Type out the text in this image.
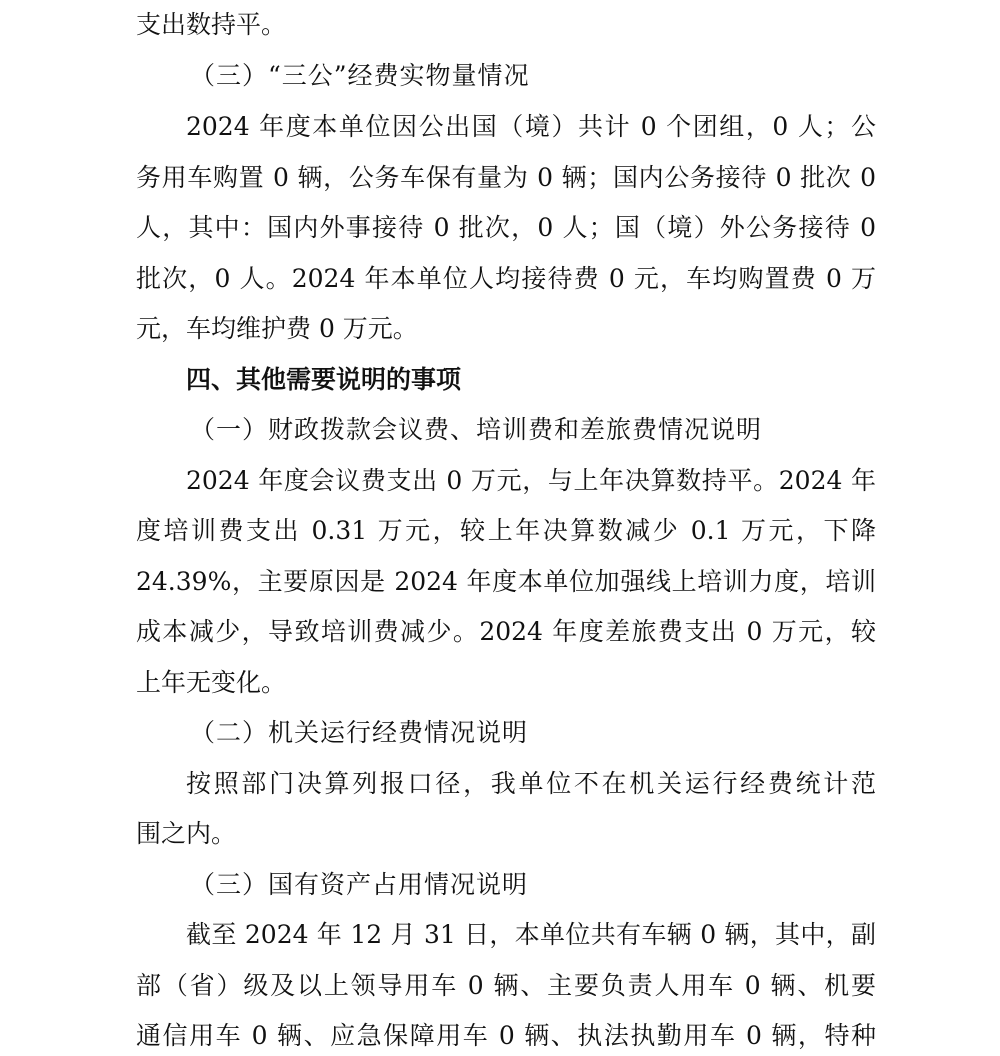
支出数持平。
（三）“三公”经费实物量情况
2024 年度本单位因公出国（境）共计 0 个团组，0 人；公
务用车购置 0 辆，公务车保有量为 0 辆；国内公务接待 0 批次 0
人，其中：国内外事接待 0 批次，0 人；国（境）外公务接待 0
批次，0 人。2024 年本单位人均接待费 0 元，车均购置费 0 万
元，车均维护费 0 万元。
四、其他需要说明的事项
（一）财政拨款会议费、培训费和差旅费情况说明
2024 年度会议费支出 0 万元，与上年决算数持平。2024 年
度培训费支出 0.31 万元，较上年决算数减少 0.1 万元，下降
24.39%，主要原因是 2024 年度本单位加强线上培训力度，培训
成本减少，导致培训费减少。2024 年度差旅费支出 0 万元，较
上年无变化。
（二）机关运行经费情况说明
按照部门决算列报口径，我单位不在机关运行经费统计范
围之内。
（三）国有资产占用情况说明
截至 2024 年 12 月 31 日，本单位共有车辆 0 辆，其中，副
部（省）级及以上领导用车 0 辆、主要负责人用车 0 辆、机要
通信用车 0 辆、应急保障用车 0 辆、执法执勤用车 0 辆，特种
